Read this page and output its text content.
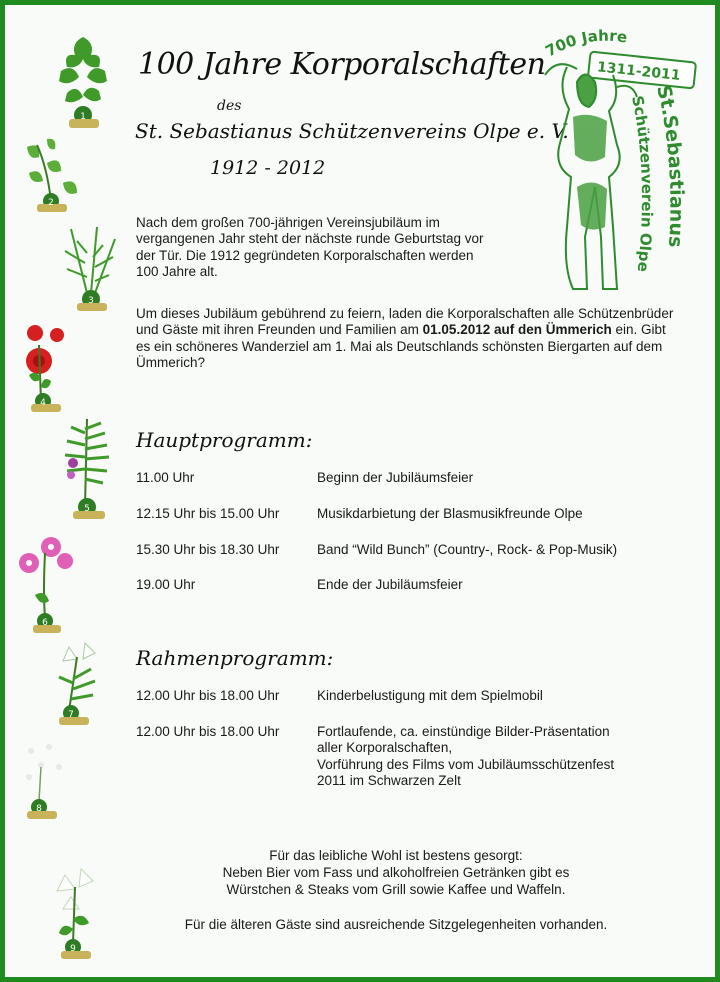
100 Jahre Korporalschaften
des
St. Sebastianus Schützenvereins Olpe e. V.
1912 - 2012
700 Jahre
1311-2011
St.Sebastianus
Schützenverein Olpe
Nach dem großen 700-jährigen Vereinsjubiläum im vergangenen Jahr steht der nächste runde Geburtstag vor der Tür. Die 1912 gegründeten Korporalschaften werden 100 Jahre alt.
Um dieses Jubiläum gebührend zu feiern, laden die Korporalschaften alle Schützenbrüder und Gäste mit ihren Freunden und Familien am 01.05.2012 auf den Ümmerich ein. Gibt es ein schöneres Wanderziel am 1. Mai als Deutschlands schönsten Biergarten auf dem Ümmerich?
Hauptprogramm:
11.00 Uhr	Beginn der Jubiläumsfeier
12.15 Uhr bis 15.00 Uhr	Musikdarbietung der Blasmusikfreunde Olpe
15.30 Uhr bis 18.30 Uhr	Band “Wild Bunch” (Country-, Rock- & Pop-Musik)
19.00 Uhr	Ende der Jubiläumsfeier
Rahmenprogramm:
12.00 Uhr bis 18.00 Uhr	Kinderbelustigung mit dem Spielmobil
12.00 Uhr bis 18.00 Uhr	Fortlaufende, ca. einstündige Bilder-Präsentation
aller Korporalschaften,
Vorführung des Films vom Jubiläumsschützenfest
2011 im Schwarzen Zelt
Für das leibliche Wohl ist bestens gesorgt:
Neben Bier vom Fass und alkoholfreien Getränken gibt es
Würstchen & Steaks vom Grill sowie Kaffee und Waffeln.
Für die älteren Gäste sind ausreichende Sitzgelegenheiten vorhanden.
1
2
3
4
5
6
7
8
9
